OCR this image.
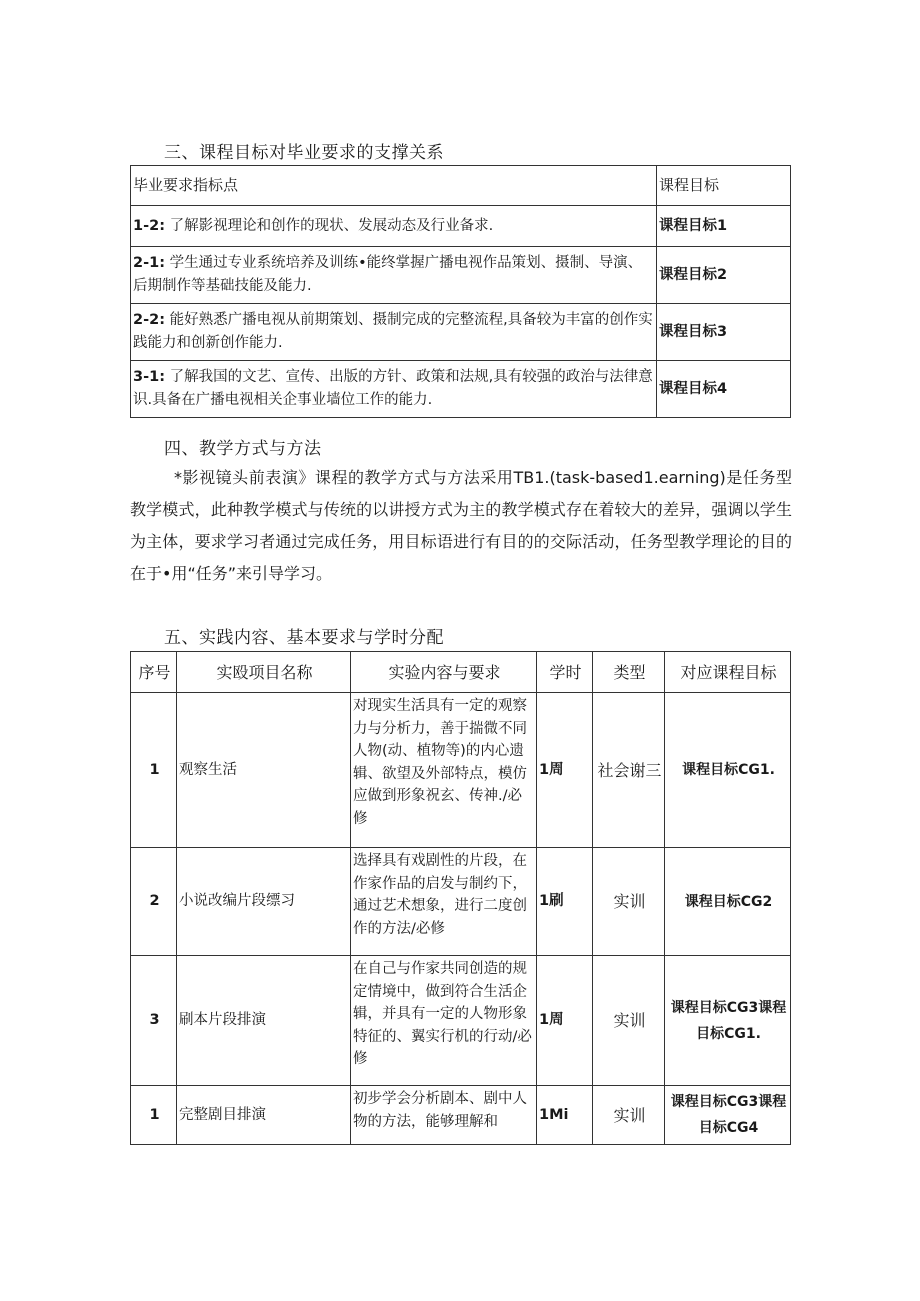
三、课程目标对毕业要求的支撑关系
毕业要求指标点	课程目标
1-2: 了解影视理论和创作的现状、发展动态及行业备求.	课程目标1
2-1: 学生通过专业系统培养及训练•能终掌握广播电视作品策划、摄制、导演、后期制作等基础技能及能力.	课程目标2
2-2: 能好熟悉广播电视从前期策划、摄制完成的完整流程,具备较为丰富的创作实践能力和创新创作能力.	课程目标3
3-1: 了解我国的文艺、宣传、出版的方针、政策和法规,具有较强的政治与法律意识.具备在广播电视相关企事业墙位工作的能力.	课程目标4
四、教学方式与方法
*影视镜头前表演》课程的教学方式与方法采用TB1.(task-based1.earning)是任务型教学模式，此种教学模式与传统的以讲授方式为主的教学模式存在着较大的差异，强调以学生为主体，要求学习者通过完成任务，用目标语进行有目的的交际活动，任务型教学理论的目的在于•用“任务”来引导学习。
五、实践内容、基本要求与学时分配
序号	实殴项目名称	实验内容与要求	学时	类型	对应课程目标
1	观察生活	对现实生活具有一定的观察力与分析力，善于揣微不同人物(动、植物等)的内心遗辑、欲望及外部特点，模仿应做到形象祝玄、传神./必修	1周	社会谢三	课程目标CG1.
2	小说改编片段缥习	选择具有戏剧性的片段，在作家作品的启发与制约下，通过艺术想象，进行二度创作的方法/必修	1刷	实训	课程目标CG2
3	刷本片段排演	在自己与作家共同创造的规定情境中，做到符合生活企辑，并具有一定的人物形象特征的、翼实行机的行动/必修	1周	实训	课程目标CG3课程目标CG1.
1	完整剧目排演	初步学会分析剧本、剧中人物的方法，能够理解和	1Mi	实训	课程目标CG3课程目标CG4
